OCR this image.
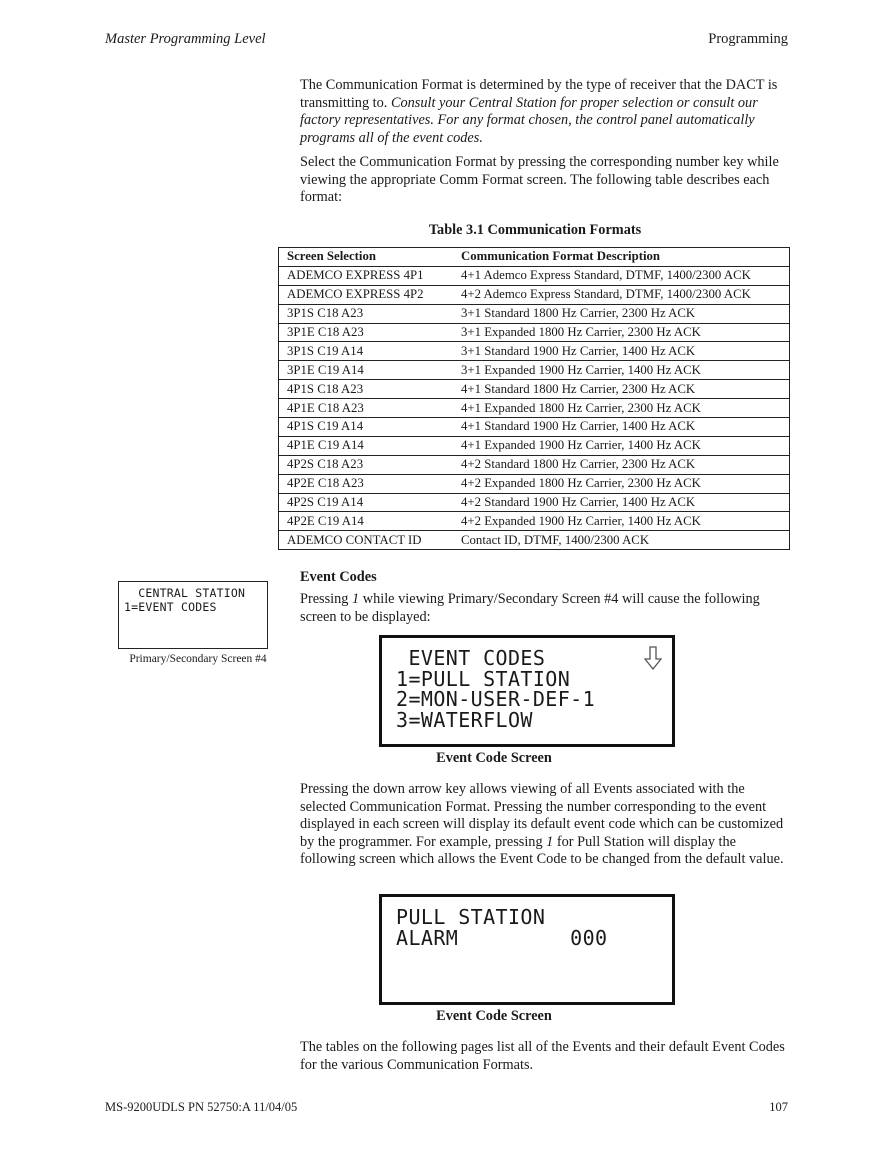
Master Programming Level	Programming
The Communication Format is determined by the type of receiver that the DACT is transmitting to. Consult your Central Station for proper selection or consult our factory representatives. For any format chosen, the control panel automatically programs all of the event codes.
Select the Communication Format by pressing the corresponding number key while viewing the appropriate Comm Format screen. The following table describes each format:
Table 3.1 Communication Formats
Screen Selection	Communication Format Description
ADEMCO EXPRESS 4P1	4+1 Ademco Express Standard, DTMF, 1400/2300 ACK
ADEMCO EXPRESS 4P2	4+2 Ademco Express Standard, DTMF, 1400/2300 ACK
3P1S C18 A23	3+1 Standard 1800 Hz Carrier, 2300 Hz ACK
3P1E C18 A23	3+1 Expanded 1800 Hz Carrier, 2300 Hz ACK
3P1S C19 A14	3+1 Standard 1900 Hz Carrier, 1400 Hz ACK
3P1E C19 A14	3+1 Expanded 1900 Hz Carrier, 1400 Hz ACK
4P1S C18 A23	4+1 Standard 1800 Hz Carrier, 2300 Hz ACK
4P1E C18 A23	4+1 Expanded 1800 Hz Carrier, 2300 Hz ACK
4P1S C19 A14	4+1 Standard 1900 Hz Carrier, 1400 Hz ACK
4P1E C19 A14	4+1 Expanded 1900 Hz Carrier, 1400 Hz ACK
4P2S C18 A23	4+2 Standard 1800 Hz Carrier, 2300 Hz ACK
4P2E C18 A23	4+2 Expanded 1800 Hz Carrier, 2300 Hz ACK
4P2S C19 A14	4+2 Standard 1900 Hz Carrier, 1400 Hz ACK
4P2E C19 A14	4+2 Expanded 1900 Hz Carrier, 1400 Hz ACK
ADEMCO CONTACT ID	Contact ID, DTMF, 1400/2300 ACK
CENTRAL STATION
1=EVENT CODES
Primary/Secondary Screen #4
Event Codes
Pressing 1 while viewing Primary/Secondary Screen #4 will cause the following screen to be displayed:
EVENT CODES
1=PULL STATION
2=MON-USER-DEF-1
3=WATERFLOW
Event Code Screen
Pressing the down arrow key allows viewing of all Events associated with the selected Communication Format. Pressing the number corresponding to the event displayed in each screen will display its default event code which can be customized by the programmer. For example, pressing 1 for Pull Station will display the following screen which allows the Event Code to be changed from the default value.
PULL STATION
ALARM         000
Event Code Screen
The tables on the following pages list all of the Events and their default Event Codes for the various Communication Formats.
MS-9200UDLS PN 52750:A 11/04/05	107
